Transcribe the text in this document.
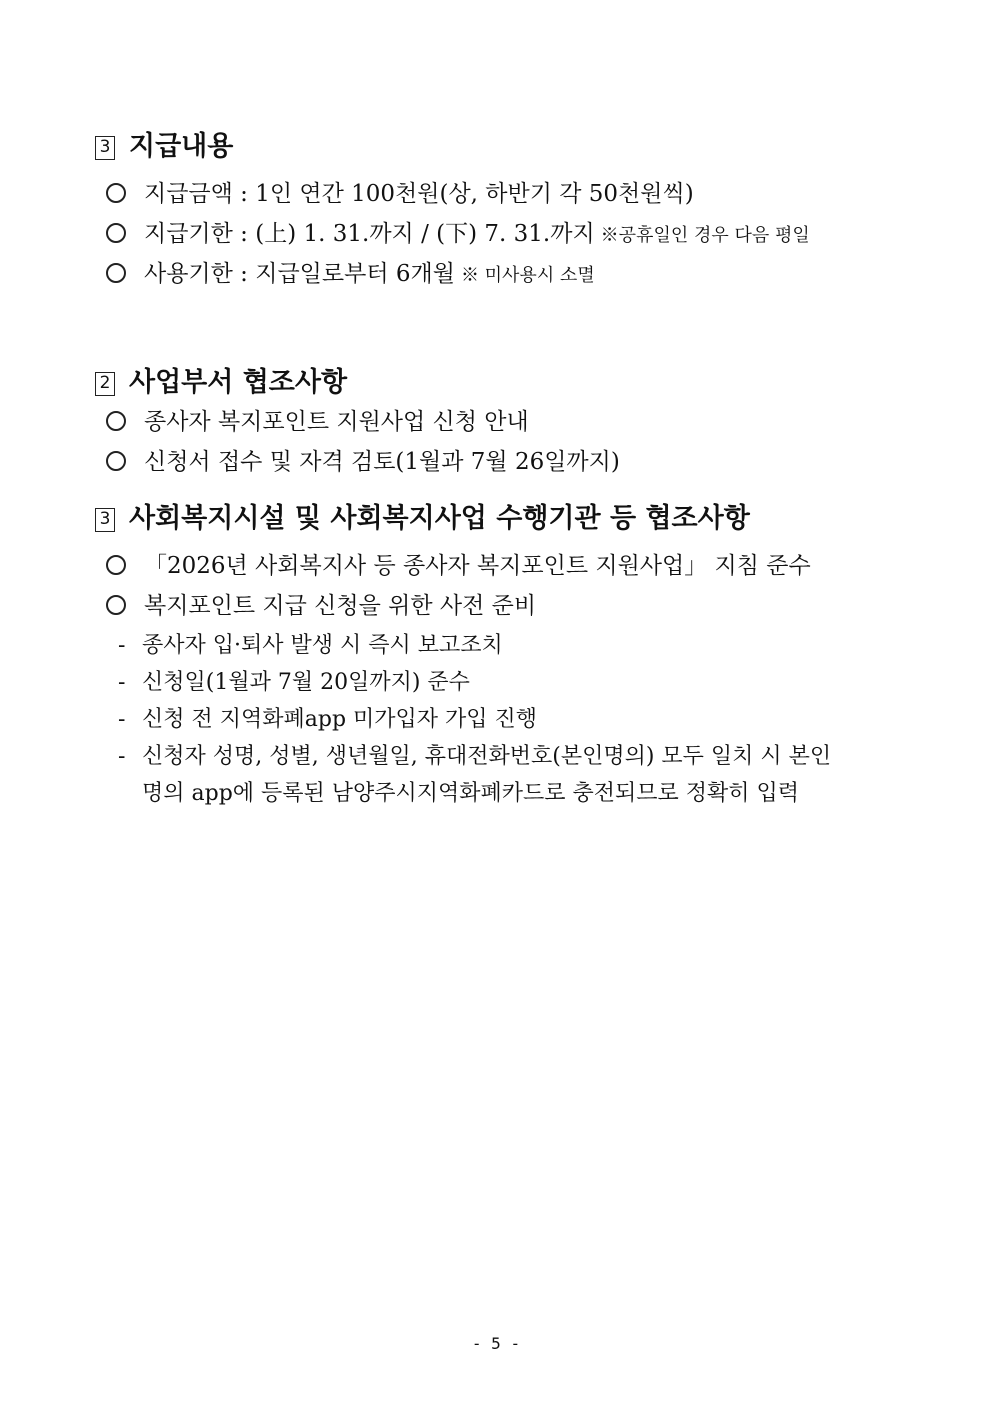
3 지급내용
지급금액 : 1인 연간 100천원(상, 하반기 각 50천원씩)
지급기한 : (上) 1. 31.까지 / (下) 7. 31.까지 ※공휴일인 경우 다음 평일
사용기한 : 지급일로부터 6개월 ※ 미사용시 소멸
2 사업부서 협조사항
종사자 복지포인트 지원사업 신청 안내
신청서 접수 및 자격 검토(1월과 7월 26일까지)
3 사회복지시설 및 사회복지사업 수행기관 등 협조사항
「2026년 사회복지사 등 종사자 복지포인트 지원사업」 지침 준수
복지포인트 지급 신청을 위한 사전 준비
- 종사자 입·퇴사 발생 시 즉시 보고조치
- 신청일(1월과 7월 20일까지) 준수
- 신청 전 지역화폐app 미가입자 가입 진행
- 신청자 성명, 성별, 생년월일, 휴대전화번호(본인명의) 모두 일치 시 본인
명의 app에 등록된 남양주시지역화폐카드로 충전되므로 정확히 입력
- 5 -
